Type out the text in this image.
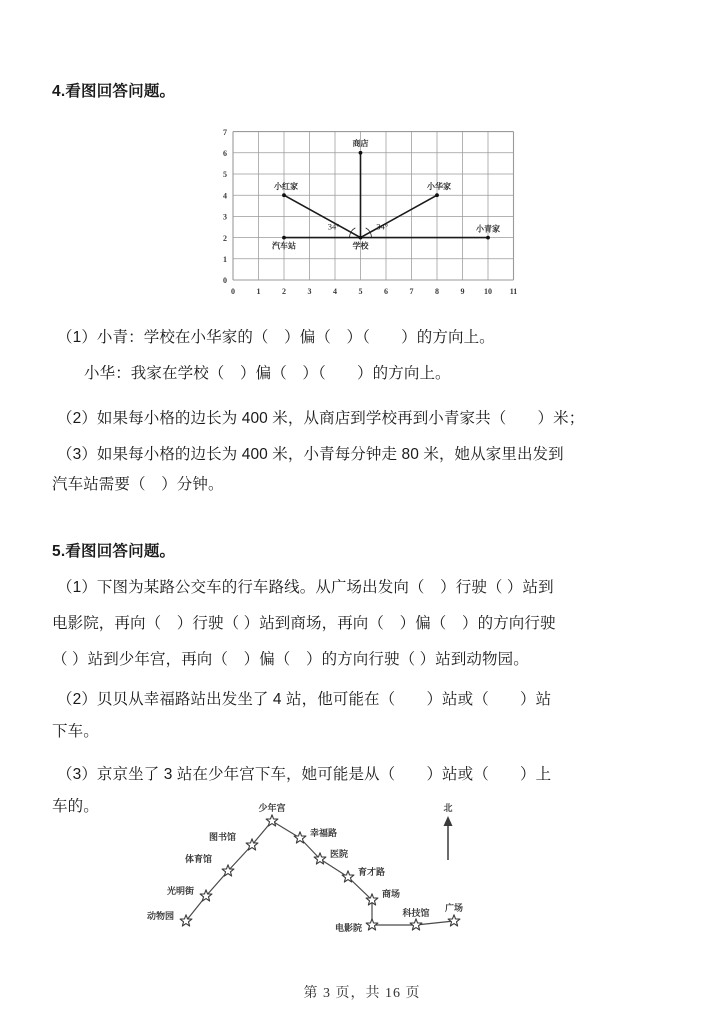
4.看图回答问题。
0	1	2	3	4	5	6	7	8	9 10 11
0
1
2
3
4
5
6
7
商店
小红家	小华家
学校
汽车站
小青家
34°	34°
（1）小青：学校在小华家的（　）偏（　）（　　）的方向上。
小华：我家在学校（　）偏（　）（　　）的方向上。
（2）如果每小格的边长为 400 米，从商店到学校再到小青家共（　　）米；
（3）如果每小格的边长为 400 米，小青每分钟走 80 米，她从家里出发到
汽车站需要（　）分钟。
5.看图回答问题。
（1）下图为某路公交车的行车路线。从广场出发向（　）行驶（ ）站到
电影院，再向（　）行驶（ ）站到商场，再向（　）偏（　）的方向行驶
（ ）站到少年宫，再向（　）偏（　）的方向行驶（ ）站到动物园。
（2）贝贝从幸福路站出发坐了 4 站，他可能在（　　）站或（　　）站
下车。
（3）京京坐了 3 站在少年宫下车，她可能是从（　　）站或（　　）上
车的。	少年宫
图书馆
体育馆
光明街
动物园
幸福路
医院
育才路
商场
电影院
科技馆 广场
北
第 3 页，共 16 页
